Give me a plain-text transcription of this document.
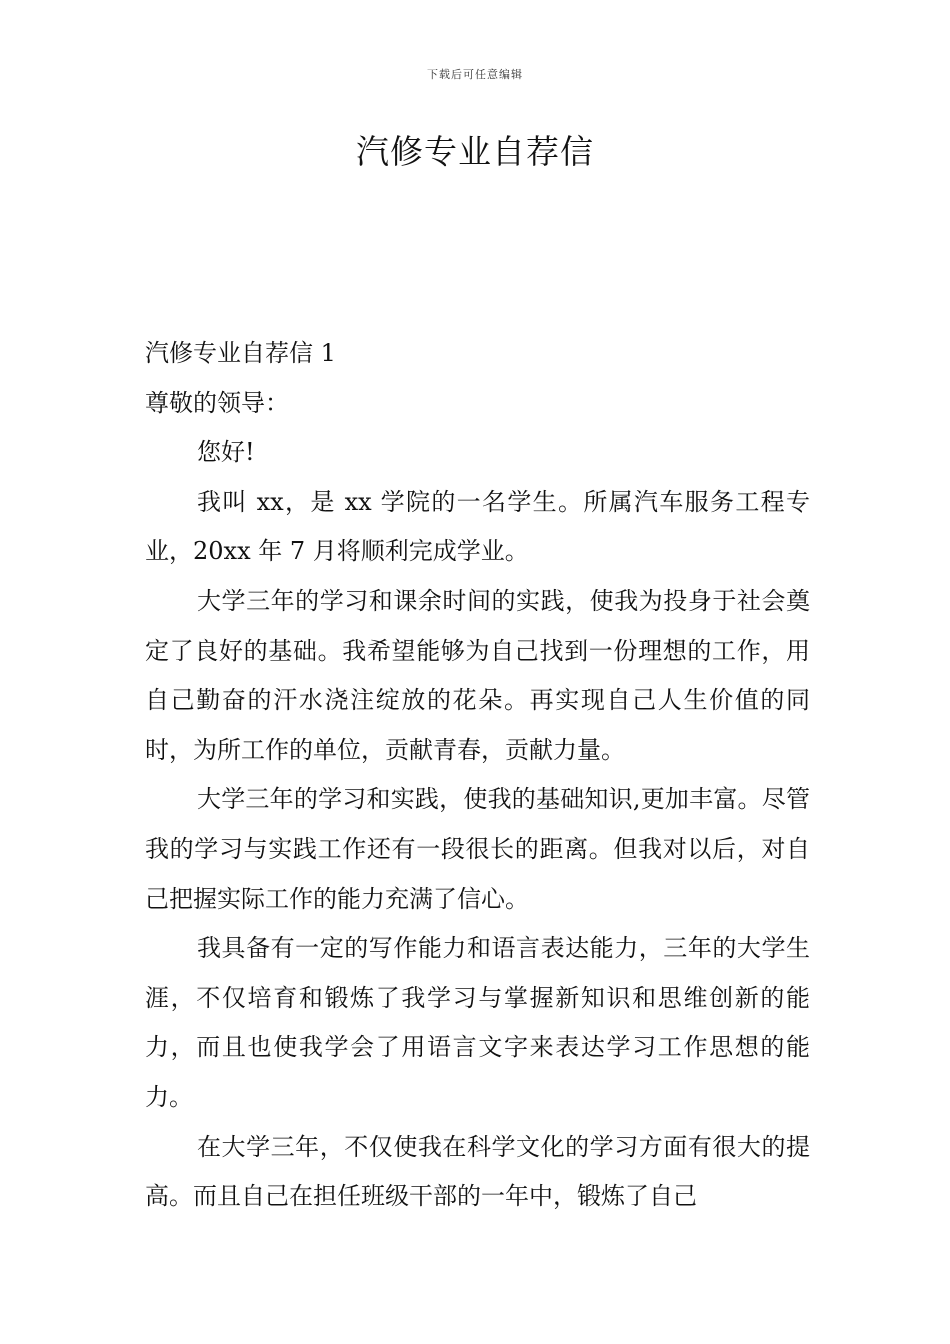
下载后可任意编辑
汽修专业自荐信

汽修专业自荐信 1

尊敬的领导：

您好!

我叫 xx，是 xx 学院的一名学生。所属汽车服务工程专业，20xx 年 7 月将顺利完成学业。

大学三年的学习和课余时间的实践，使我为投身于社会奠定了良好的基础。我希望能够为自己找到一份理想的工作，用自己勤奋的汗水浇注绽放的花朵。再实现自己人生价值的同时，为所工作的单位，贡献青春，贡献力量。

大学三年的学习和实践，使我的基础知识,更加丰富。尽管我的学习与实践工作还有一段很长的距离。但我对以后，对自己把握实际工作的能力充满了信心。

我具备有一定的写作能力和语言表达能力，三年的大学生涯，不仅培育和锻炼了我学习与掌握新知识和思维创新的能力，而且也使我学会了用语言文字来表达学习工作思想的能力。

在大学三年，不仅使我在科学文化的学习方面有很大的提高。而且自己在担任班级干部的一年中，锻炼了自己
